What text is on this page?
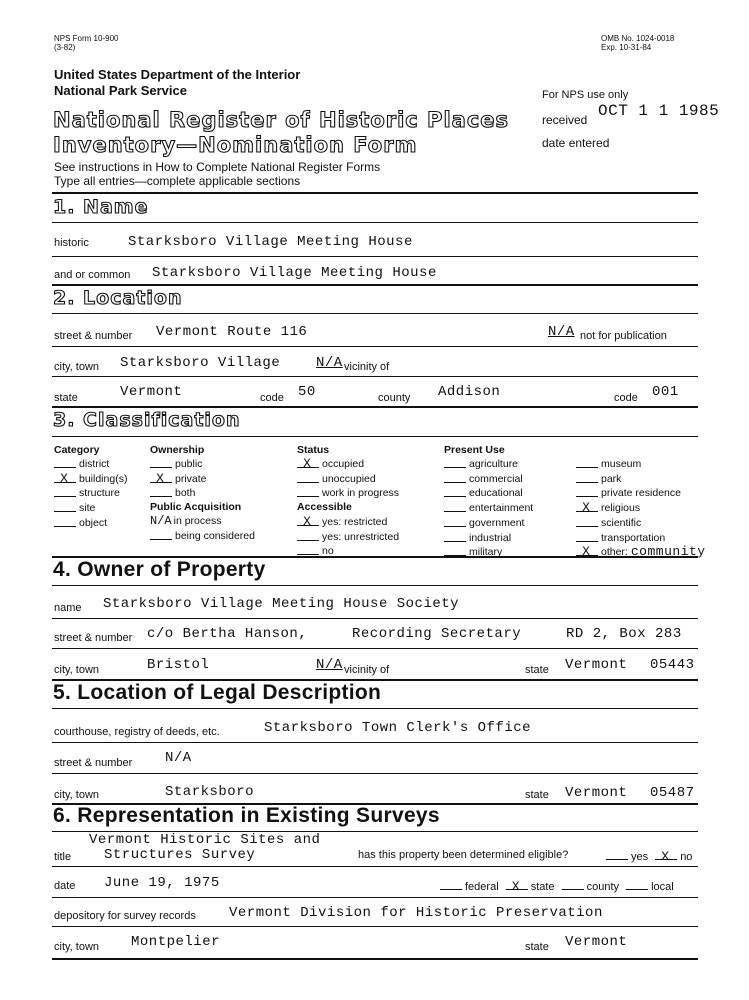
NPS Form 10-900
(3-82)
OMB No. 1024-0018
Exp. 10-31-84
United States Department of the Interior
National Park Service
National Register of Historic Places
Inventory—Nomination Form
See instructions in How to Complete National Register Forms
Type all entries—complete applicable sections
For NPS use only
received OCT 1 1 1985
date entered
1. Name
historic	Starksboro Village Meeting House
and or common Starksboro Village Meeting House
2. Location
street & number Vermont Route 116	N/A not for publication
city, town Starksboro Village	N/A vicinity of
state	Vermont	code 50	county Addison	code 001
3. Classification
Category
district
X building(s)
structure
site
object
Ownership
public
X private
both
Public Acquisition
N/A in process
being considered
Status
X occupied
unoccupied
work in progress
Accessible
X yes: restricted
yes: unrestricted
no
Present Use
agriculture
commercial
educational
entertainment
government
industrial
military
museum
park
private residence
X religious
scientific
transportation
X other: community
4. Owner of Property
name Starksboro Village Meeting House Society
street & number c/o Bertha Hanson,	Recording Secretary	RD 2, Box 283
city, town	Bristol	N/A vicinity of	state Vermont 05443
5. Location of Legal Description
courthouse, registry of deeds, etc.	Starksboro Town Clerk's Office
street & number N/A
city, town	Starksboro	state Vermont 05487
6. Representation in Existing Surveys
Vermont Historic Sites and
title Structures Survey	has this property been determined eligible?	yes X no
date June 19, 1975	federal X state	county	local
depository for survey records Vermont Division for Historic Preservation
city, town Montpelier	state Vermont
